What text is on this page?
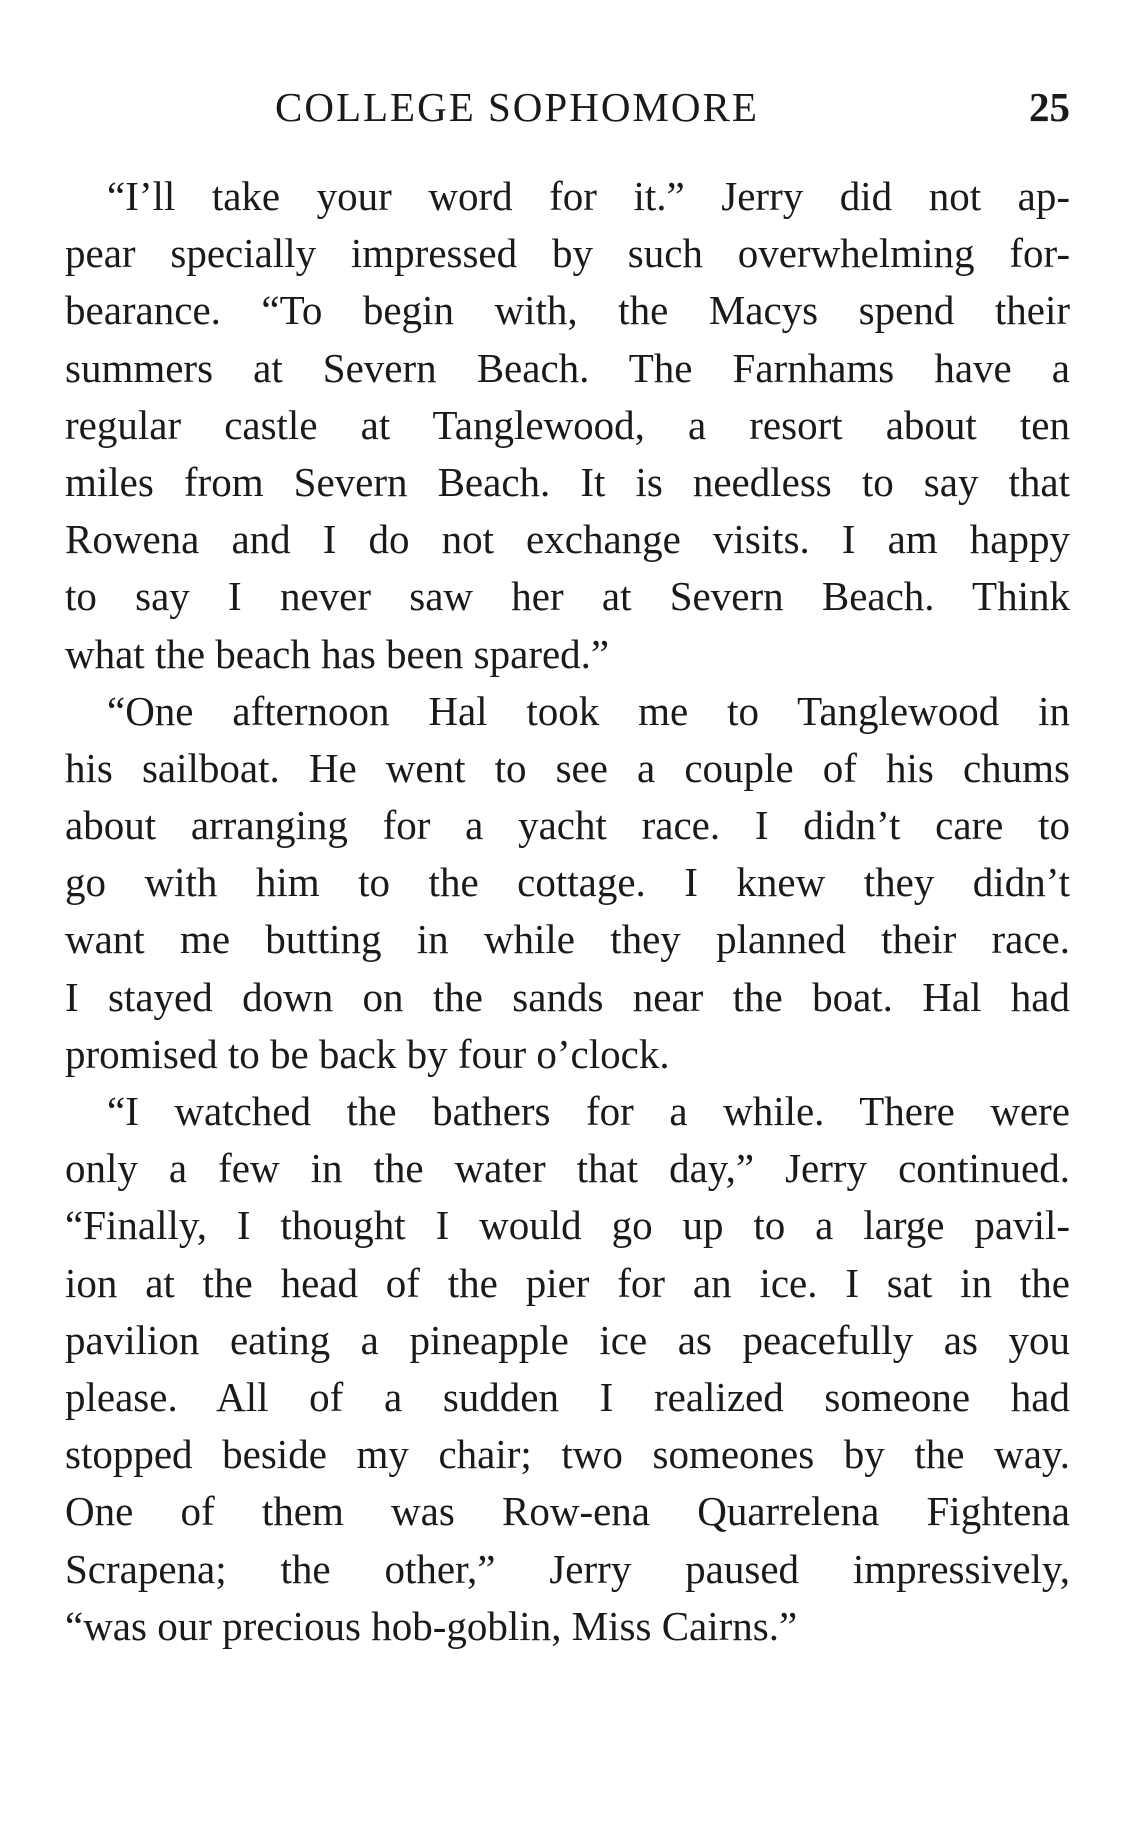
COLLEGE SOPHOMORE	25
“I’ll take your word for it.” Jerry did not ap-
pear specially impressed by such overwhelming for-
bearance. “To begin with, the Macys spend their
summers at Severn Beach. The Farnhams have a
regular castle at Tanglewood, a resort about ten
miles from Severn Beach. It is needless to say that
Rowena and I do not exchange visits. I am happy
to say I never saw her at Severn Beach. Think
what the beach has been spared.”
“One afternoon Hal took me to Tanglewood in
his sailboat. He went to see a couple of his chums
about arranging for a yacht race. I didn’t care to
go with him to the cottage. I knew they didn’t
want me butting in while they planned their race.
I stayed down on the sands near the boat. Hal had
promised to be back by four o’clock.
“I watched the bathers for a while. There were
only a few in the water that day,” Jerry continued.
“Finally, I thought I would go up to a large pavil-
ion at the head of the pier for an ice. I sat in the
pavilion eating a pineapple ice as peacefully as you
please. All of a sudden I realized someone had
stopped beside my chair; two someones by the way.
One of them was Row-ena Quarrelena Fightena
Scrapena; the other,” Jerry paused impressively,
“was our precious hob-goblin, Miss Cairns.”
